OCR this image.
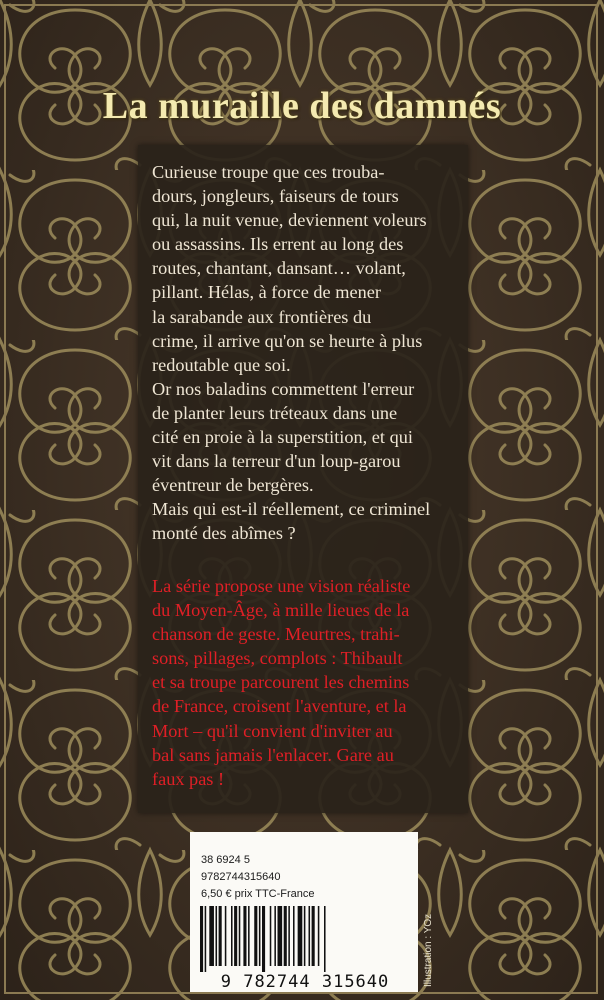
La muraille des damnés

Curieuse troupe que ces trouba-
dours, jongleurs, faiseurs de tours
qui, la nuit venue, deviennent voleurs
ou assassins. Ils errent au long des
routes, chantant, dansant… volant,
pillant. Hélas, à force de mener
la sarabande aux frontières du
crime, il arrive qu'on se heurte à plus
redoutable que soi.
Or nos baladins commettent l'erreur
de planter leurs tréteaux dans une
cité en proie à la superstition, et qui
vit dans la terreur d'un loup-garou
éventreur de bergères.
Mais qui est-il réellement, ce criminel
monté des abîmes ?

La série propose une vision réaliste
du Moyen-Âge, à mille lieues de la
chanson de geste. Meurtres, trahi-
sons, pillages, complots : Thibault
et sa troupe parcourent les chemins
de France, croisent l'aventure, et la
Mort – qu'il convient d'inviter au
bal sans jamais l'enlacer. Gare au
faux pas !

38 6924 5
9782744315640
6,50 € prix TTC-France
9 782744 315640	Illustration : YOz
